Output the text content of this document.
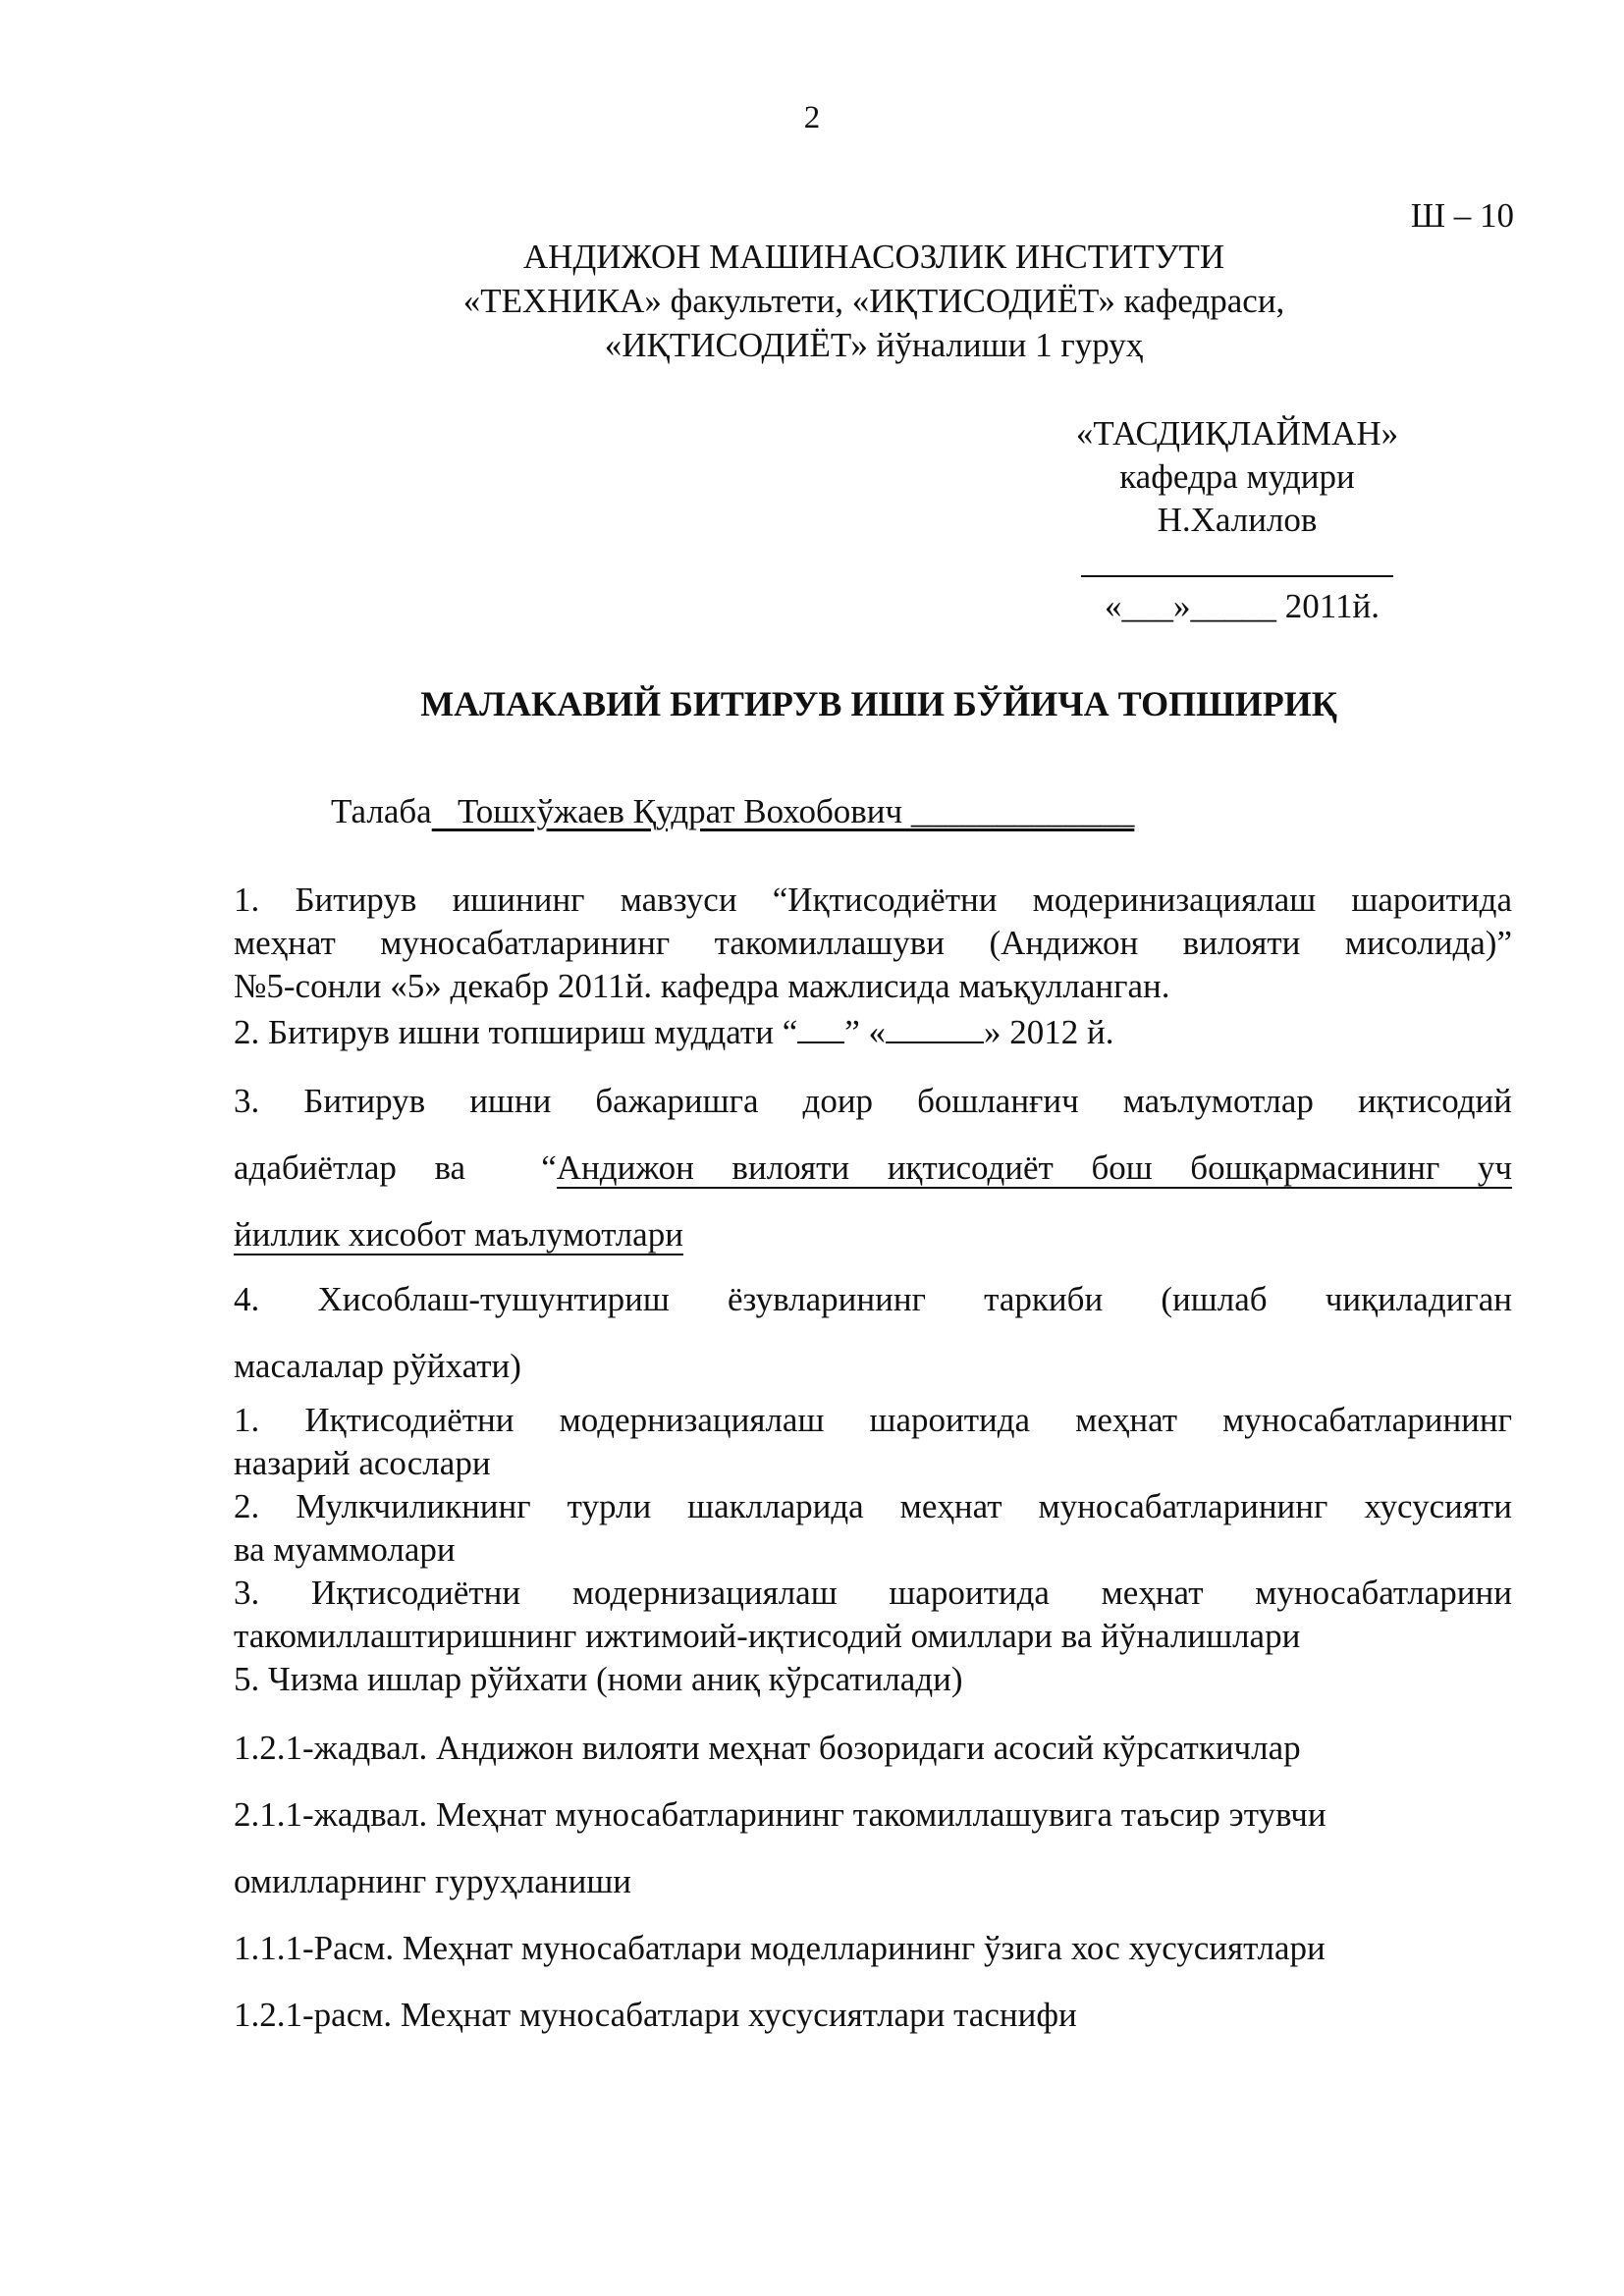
2
Ш – 10
АНДИЖОН МАШИНАСОЗЛИК ИНСТИТУТИ
«ТЕХНИКА» факультети, «ИҚТИСОДИЁТ» кафедраси,
«ИҚТИСОДИЁТ» йўналиши 1 гуруҳ
«ТАСДИҚЛАЙМАН»
кафедра мудири
Н.Халилов
«___»_____ 2011й.
МАЛАКАВИЙ БИТИРУВ ИШИ БЎЙИЧА ТОПШИРИҚ
Талаба   Тошхўжаев Қудрат Вохобович _____________
1. Битирув ишининг мавзуси “Иқтисодиётни модеринизациялаш шароитида
меҳнат муносабатларининг такомиллашуви (Андижон вилояти мисолида)”
№5-сонли «5» декабр 2011й. кафедра мажлисида маъқулланган.
2. Битирув ишни топшириш муддати “ ” «	» 2012 й.
3. Битирув ишни бажаришга доир бошланғич маълумотлар иқтисодий
адабиётлар ва  “Андижон вилояти иқтисодиёт бош бошқармасининг уч
йиллик хисобот маълумотлари
4. Хисоблаш-тушунтириш ёзувларининг таркиби (ишлаб чиқиладиган
масалалар рўйхати)
1. Иқтисодиётни модернизациялаш шароитида меҳнат муносабатларининг
назарий асослари
2. Мулкчиликнинг турли шаклларида меҳнат муносабатларининг хусусияти
ва муаммолари
3. Иқтисодиётни модернизациялаш шароитида меҳнат муносабатларини
такомиллаштиришнинг ижтимоий-иқтисодий омиллари ва йўналишлари
5. Чизма ишлар рўйхати (номи аниқ кўрсатилади)
1.2.1-жадвал. Андижон вилояти меҳнат бозоридаги асосий кўрсаткичлар
2.1.1-жадвал. Меҳнат муносабатларининг такомиллашувига таъсир этувчи
омилларнинг гуруҳланиши
1.1.1-Расм. Меҳнат муносабатлари моделларининг ўзига хос хусусиятлари
1.2.1-расм. Меҳнат муносабатлари хусусиятлари таснифи
